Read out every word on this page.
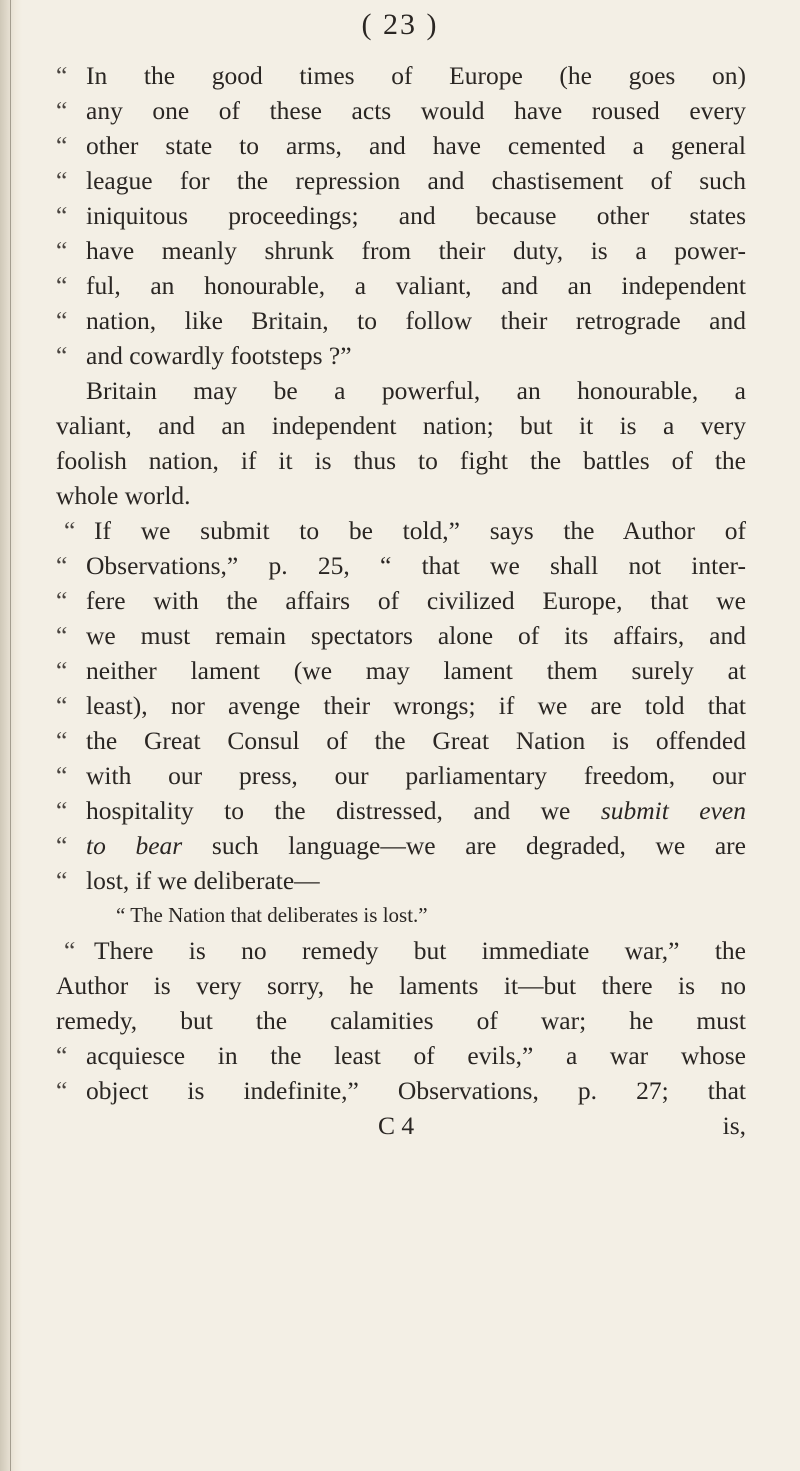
( 23 )
“ In the good times of Europe (he goes on)
“ any one of these acts would have roused every
“ other state to arms, and have cemented a general
“ league for the repression and chastisement of such
“ iniquitous proceedings; and because other states
“ have meanly shrunk from their duty, is a power-
“ ful, an honourable, a valiant, and an independent
“ nation, like Britain, to follow their retrograde and
“ and cowardly footsteps ?”
Britain may be a powerful, an honourable, a
valiant, and an independent nation; but it is a very
foolish nation, if it is thus to fight the battles of the
whole world.
“ If we submit to be told,” says the Author of
“ Observations,” p. 25, “ that we shall not inter-
“ fere with the affairs of civilized Europe, that we
“ we must remain spectators alone of its affairs, and
“ neither lament (we may lament them surely at
“ least), nor avenge their wrongs; if we are told that
“ the Great Consul of the Great Nation is offended
“ with our press, our parliamentary freedom, our
“ hospitality to the distressed, and we submit even
“ to bear such language—we are degraded, we are
“ lost, if we deliberate—
“ The Nation that deliberates is lost.”
“ There is no remedy but immediate war,” the
Author is very sorry, he laments it—but there is no
remedy, but the calamities of war; he must
“ acquiesce in the least of evils,” a war whose
“ object is indefinite,” Observations, p. 27; that
C 4	is,
